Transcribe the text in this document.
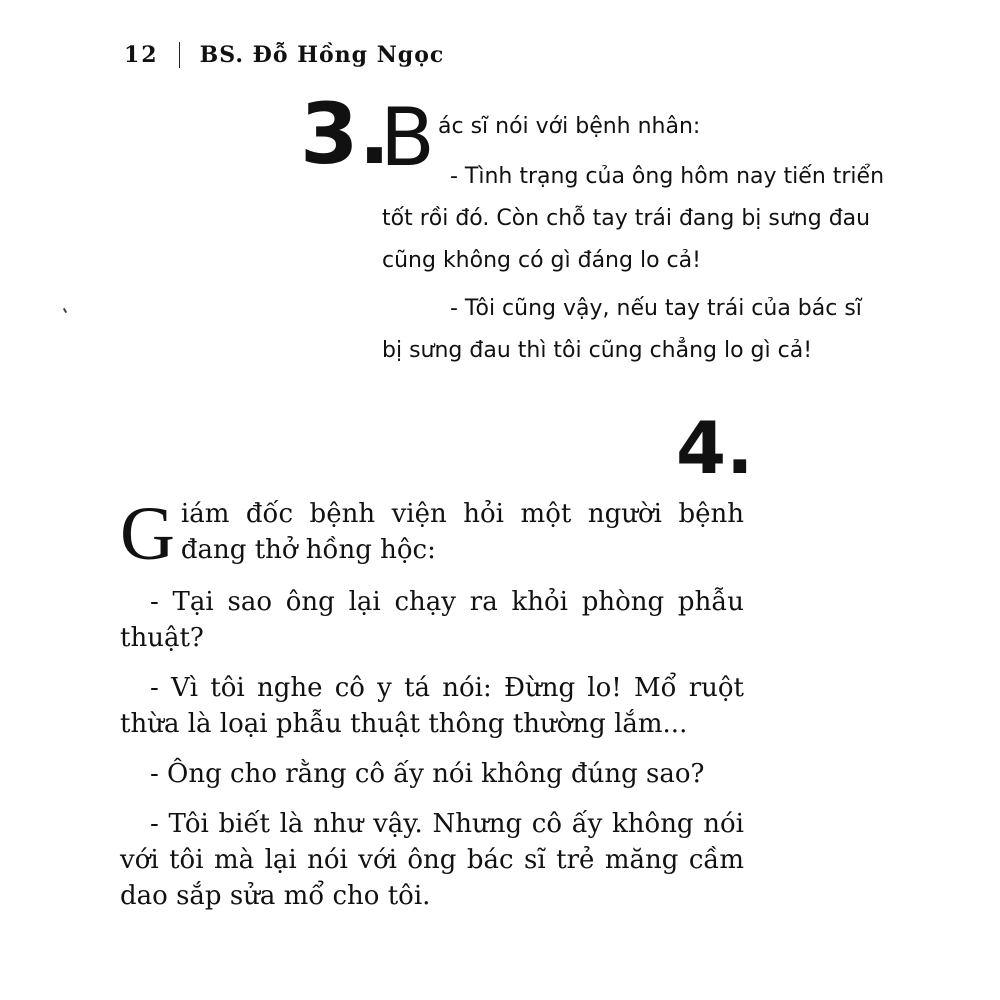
12 BS. Đỗ Hồng Ngọc
3.
B ác sĩ nói với bệnh nhân:
- Tình trạng của ông hôm nay tiến triển
tốt rồi đó. Còn chỗ tay trái đang bị sưng đau
cũng không có gì đáng lo cả!
- Tôi cũng vậy, nếu tay trái của bác sĩ
bị sưng đau thì tôi cũng chẳng lo gì cả!
4.

Giám đốc bệnh viện hỏi một người bệnh đang thở hồng hộc:

- Tại sao ông lại chạy ra khỏi phòng phẫu thuật?

- Vì tôi nghe cô y tá nói: Đừng lo! Mổ ruột thừa là loại phẫu thuật thông thường lắm...

- Ông cho rằng cô ấy nói không đúng sao?

- Tôi biết là như vậy. Nhưng cô ấy không nói với tôi mà lại nói với ông bác sĩ trẻ măng cầm dao sắp sửa mổ cho tôi.
